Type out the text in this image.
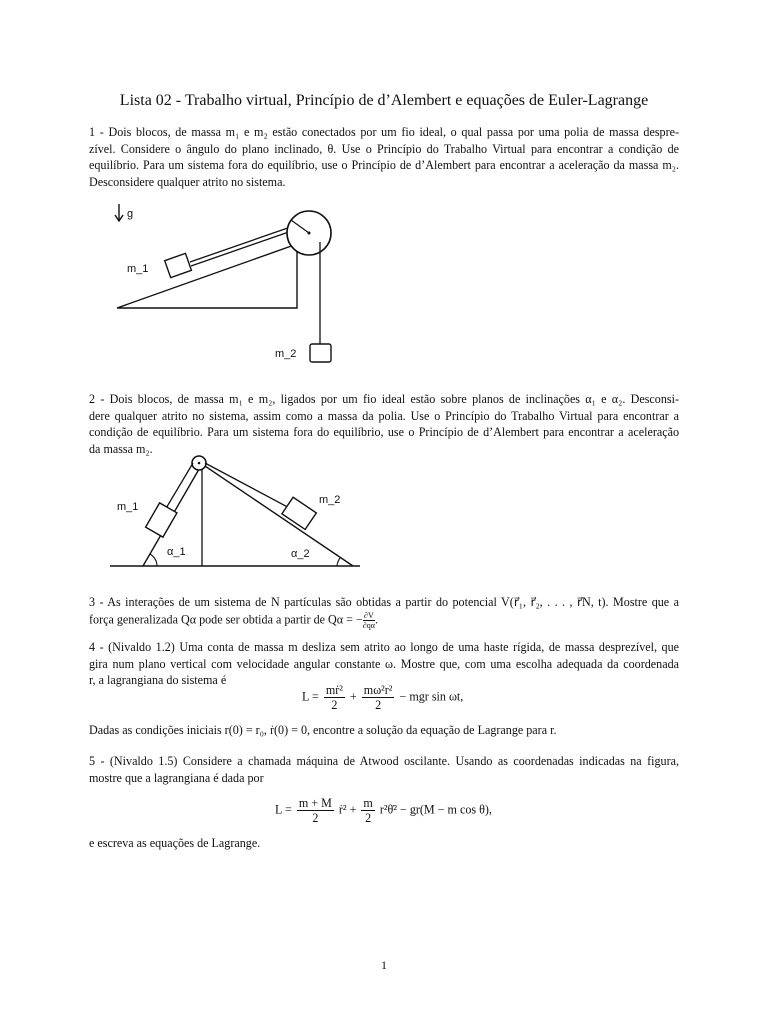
Lista 02 - Trabalho virtual, Princípio de d’Alembert e equações de Euler-Lagrange

1 - Dois blocos, de massa m₁ e m₂ estão conectados por um fio ideal, o qual passa por uma polia de massa despre-
zível. Considere o ângulo do plano inclinado, θ. Use o Princípio do Trabalho Virtual para encontrar a condição de
equilíbrio. Para um sistema fora do equilíbrio, use o Princípio de d’Alembert para encontrar a aceleração da massa m₂.
Desconsidere qualquer atrito no sistema.

g
m_1
m_2

2 - Dois blocos, de massa m₁ e m₂, ligados por um fio ideal estão sobre planos de inclinações α₁ e α₂. Desconsi-
dere qualquer atrito no sistema, assim como a massa da polia. Use o Princípio do Trabalho Virtual para encontrar a
condição de equilíbrio. Para um sistema fora do equilíbrio, use o Princípio de d’Alembert para encontrar a aceleração
da massa m₂.

m_1
m_2
α_1	α_2

3 - As interações de um sistema de N partículas são obtidas a partir do potencial V(r⃗₁, r⃗₂, . . . , r⃗N, t). Mostre que a
força generalizada Qα pode ser obtida a partir de Qα = − $\frac{\partial V}{\partial q\alpha}$ .

4 - (Nivaldo 1.2) Uma conta de massa m desliza sem atrito ao longo de uma haste rígida, de massa desprezível, que
gira num plano vertical com velocidade angular constante ω. Mostre que, com uma escolha adequada da coordenada
r, a lagrangiana do sistema é

$L = \frac{\text{mṙ²}}{2} + \frac{\text{mω²r²}}{2}$ − mgr sin ωt,

Dadas as condições iniciais r(0) = r₀, ṙ(0) = 0, encontre a solução da equação de Lagrange para r.

5 - (Nivaldo 1.5) Considere a chamada máquina de Atwood oscilante. Usando as coordenadas indicadas na figura,
mostre que a lagrangiana é dada por

$L = \frac{m + M}{2}$ ṙ² + $\frac{m}{2}$ r²θ̇² − gr(M − m cos θ),

e escreva as equações de Lagrange.

1
